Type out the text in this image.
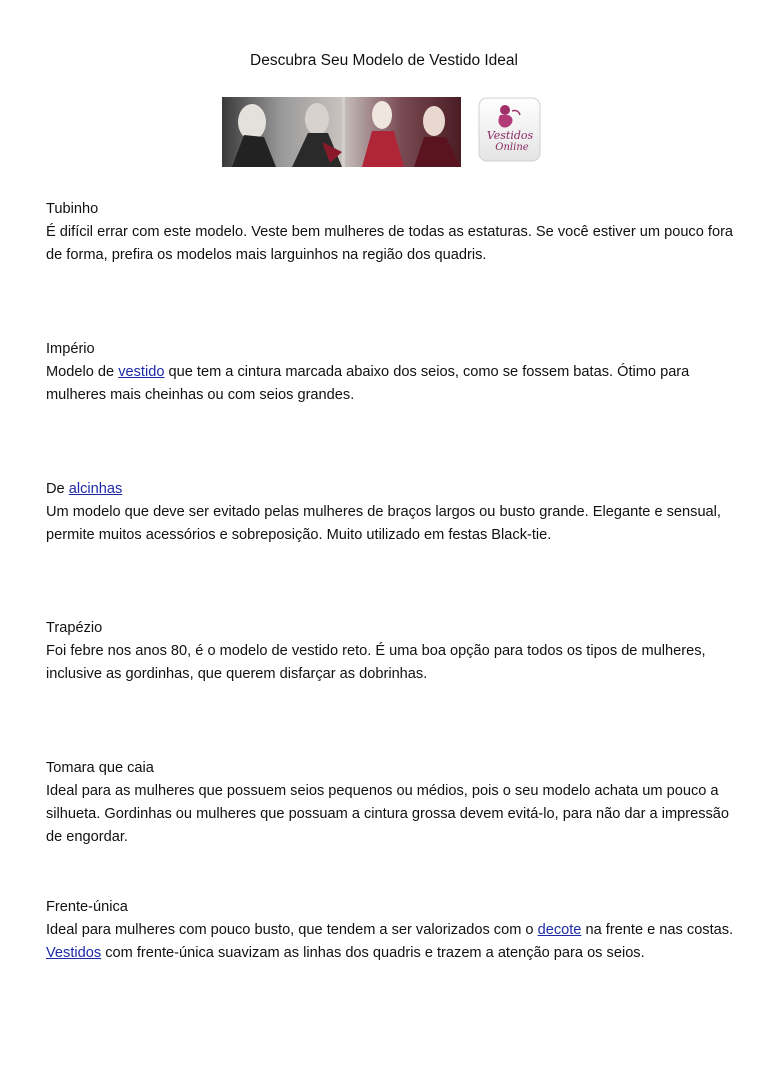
Descubra Seu Modelo de Vestido Ideal
Vestidos
Online

Tubinho

É difícil errar com este modelo. Veste bem mulheres de todas as estaturas. Se você estiver um pouco fora de forma, prefira os modelos mais larguinhos na região dos quadris.

Império

Modelo de vestido que tem a cintura marcada abaixo dos seios, como se fossem batas. Ótimo para mulheres mais cheinhas ou com seios grandes.

De alcinhas

Um modelo que deve ser evitado pelas mulheres de braços largos ou busto grande. Elegante e sensual, permite muitos acessórios e sobreposição. Muito utilizado em festas Black-tie.

Trapézio

Foi febre nos anos 80, é o modelo de vestido reto. É uma boa opção para todos os tipos de mulheres, inclusive as gordinhas, que querem disfarçar as dobrinhas.

Tomara que caia

Ideal para as mulheres que possuem seios pequenos ou médios, pois o seu modelo achata um pouco a silhueta. Gordinhas ou mulheres que possuam a cintura grossa devem evitá-lo, para não dar a impressão de engordar.

Frente-única

Ideal para mulheres com pouco busto, que tendem a ser valorizados com o decote na frente e nas costas. Vestidos com frente-única suavizam as linhas dos quadris e trazem a atenção para os seios.
